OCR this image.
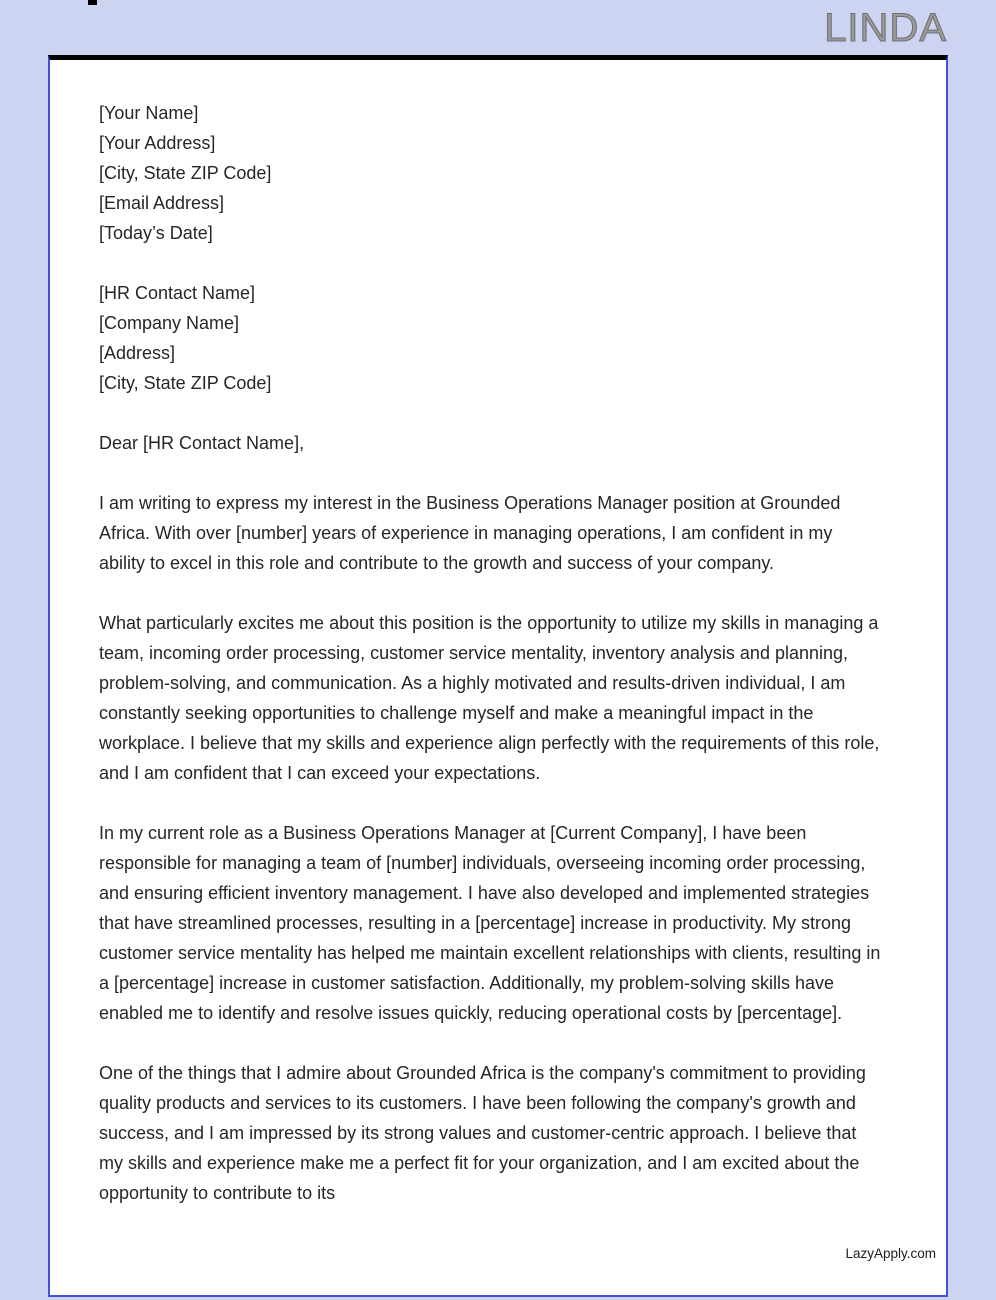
LINDA
[Your Name]
[Your Address]
[City, State ZIP Code]
[Email Address]
[Today’s Date]
[HR Contact Name]
[Company Name]
[Address]
[City, State ZIP Code]
Dear [HR Contact Name],

I am writing to express my interest in the Business Operations Manager position at Grounded Africa. With over [number] years of experience in managing operations, I am confident in my ability to excel in this role and contribute to the growth and success of your company.

What particularly excites me about this position is the opportunity to utilize my skills in managing a team, incoming order processing, customer service mentality, inventory analysis and planning, problem-solving, and communication. As a highly motivated and results-driven individual, I am constantly seeking opportunities to challenge myself and make a meaningful impact in the workplace. I believe that my skills and experience align perfectly with the requirements of this role, and I am confident that I can exceed your expectations.

In my current role as a Business Operations Manager at [Current Company], I have been responsible for managing a team of [number] individuals, overseeing incoming order processing, and ensuring efficient inventory management. I have also developed and implemented strategies that have streamlined processes, resulting in a [percentage] increase in productivity. My strong customer service mentality has helped me maintain excellent relationships with clients, resulting in a [percentage] increase in customer satisfaction. Additionally, my problem-solving skills have enabled me to identify and resolve issues quickly, reducing operational costs by [percentage].

One of the things that I admire about Grounded Africa is the company's commitment to providing quality products and services to its customers. I have been following the company's growth and success, and I am impressed by its strong values and customer-centric approach. I believe that my skills and experience make me a perfect fit for your organization, and I am excited about the opportunity to contribute to its

LazyApply.com
